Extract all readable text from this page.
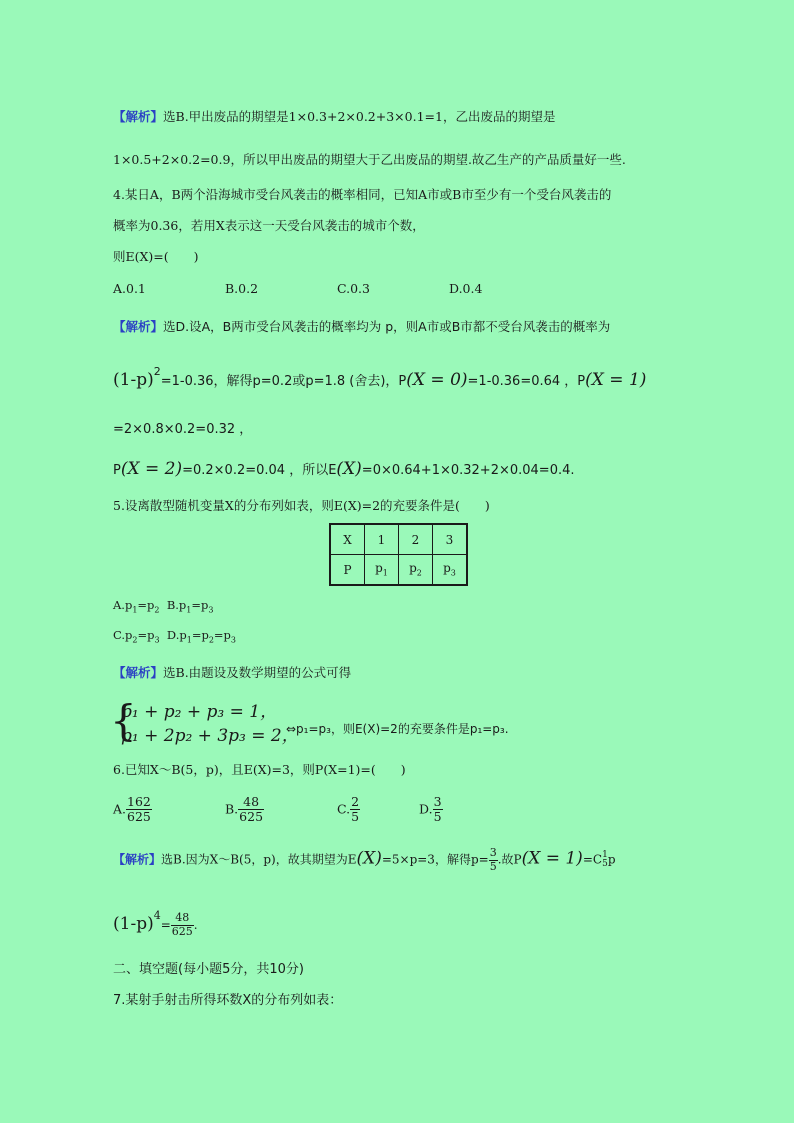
【解析】选B.甲出废品的期望是1×0.3+2×0.2+3×0.1=1，乙出废品的期望是
1×0.5+2×0.2=0.9，所以甲出废品的期望大于乙出废品的期望.故乙生产的产品质量好一些.
4.某日A，B两个沿海城市受台风袭击的概率相同，已知A市或B市至少有一个受台风袭击的
概率为0.36，若用X表示这一天受台风袭击的城市个数，
则E(X)=(　　)
A.0.1	B.0.2	C.0.3	D.0.4
【解析】选D.设A，B两市受台风袭击的概率均为 p，则A市或B市都不受台风袭击的概率为
$(1-p)^2=1-0.36$，解得p=0.2或p=1.8 (舍去)，P(X = 0)=1-0.36=0.64 ，P(X = 1)
=2×0.8×0.2=0.32 ，
P(X = 2)=0.2×0.2=0.04 ，所以E(X)=0×0.64+1×0.32+2×0.04=0.4.
5.设离散型随机变量X的分布列如表，则E(X)=2的充要条件是(　　)
X	1	2	3
P	$p_1$	$p_2$	$p_3$
$A.p_1=p_2$ $B.p_1=p_3$
$C.p_2=p_3$ $D.p_1=p_2=p_3$
【解析】选B.由题设及数学期望的公式可得
{
p₁ + p₂ + p₃ = 1，
p₁ + 2p₂ + 3p₃ = 2，
⇔p₁=p₃，则E(X)=2的充要条件是p₁=p₃.
6.已知X～B(5，p)，且E(X)=3，则P(X=1)=(　　)
A. $\frac{162}{625}$	B. $\frac{48}{625}$	C. $\frac{2}{5}$	D. $\frac{3}{5}$
【解析】选B.因为X～B(5，p)，故其期望为E(X)=5×p=3，解得$p= \frac{3}{5}$ .故P(X = 1)=C 1
5 p
$(1-p)^4= \frac{48}{625}$ .
二、填空题(每小题5分，共10分)
7.某射手射击所得环数X的分布列如表：
